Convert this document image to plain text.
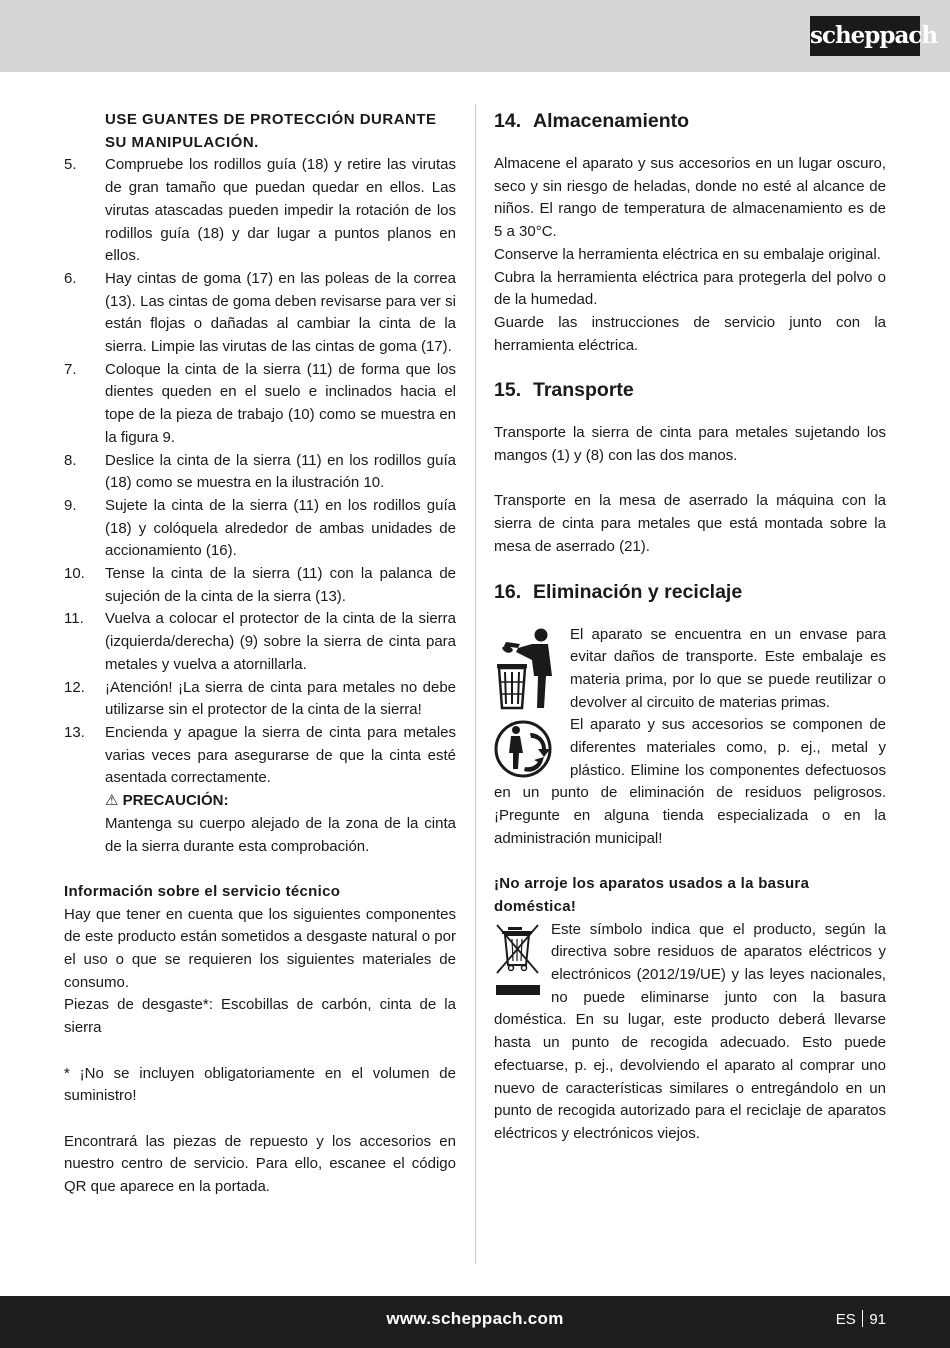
scheppach
USE GUANTES DE PROTECCIÓN DURANTE SU MANIPULACIÓN.
5.	Compruebe los rodillos guía (18) y retire las virutas de gran tamaño que puedan quedar en ellos. Las virutas atascadas pueden impedir la rotación de los rodillos guía (18) y dar lugar a puntos planos en ellos.
6.	Hay cintas de goma (17) en las poleas de la correa (13). Las cintas de goma deben revisarse para ver si están flojas o dañadas al cambiar la cinta de la sierra. Limpie las virutas de las cintas de goma (17).
7.	Coloque la cinta de la sierra (11) de forma que los dientes queden en el suelo e inclinados hacia el tope de la pieza de trabajo (10) como se muestra en la figura 9.
8.	Deslice la cinta de la sierra (11) en los rodillos guía (18) como se muestra en la ilustración 10.
9.	Sujete la cinta de la sierra (11) en los rodillos guía (18) y colóquela alrededor de ambas unidades de accionamiento (16).
10.	Tense la cinta de la sierra (11) con la palanca de sujeción de la cinta de la sierra (13).
11.	Vuelva a colocar el protector de la cinta de la sierra (izquierda/derecha) (9) sobre la sierra de cinta para metales y vuelva a atornillarla.
12.	¡Atención! ¡La sierra de cinta para metales no debe utilizarse sin el protector de la cinta de la sierra!
13.	Encienda y apague la sierra de cinta para metales varias veces para asegurarse de que la cinta esté asentada correctamente.
⚠ PRECAUCIÓN:
Mantenga su cuerpo alejado de la zona de la cinta de la sierra durante esta comprobación.
Información sobre el servicio técnico
Hay que tener en cuenta que los siguientes componentes de este producto están sometidos a desgaste natural o por el uso o que se requieren los siguientes materiales de consumo.
Piezas de desgaste*: Escobillas de carbón, cinta de la sierra
* ¡No se incluyen obligatoriamente en el volumen de suministro!
Encontrará las piezas de repuesto y los accesorios en nuestro centro de servicio. Para ello, escanee el código QR que aparece en la portada.
14. Almacenamiento
Almacene el aparato y sus accesorios en un lugar oscuro, seco y sin riesgo de heladas, donde no esté al alcance de niños. El rango de temperatura de almacenamiento es de 5 a 30°C.
Conserve la herramienta eléctrica en su embalaje original.
Cubra la herramienta eléctrica para protegerla del polvo o de la humedad.
Guarde las instrucciones de servicio junto con la herramienta eléctrica.
15. Transporte
Transporte la sierra de cinta para metales sujetando los mangos (1) y (8) con las dos manos.
Transporte en la mesa de aserrado la máquina con la sierra de cinta para metales que está montada sobre la mesa de aserrado (21).
16. Eliminación y reciclaje
El aparato se encuentra en un envase para evitar daños de transporte. Este embalaje es materia prima, por lo que se puede reutilizar o devolver al circuito de materias primas.
El aparato y sus accesorios se componen de diferentes materiales como, p. ej., metal y plástico. Elimine los componentes defectuosos en un punto de eliminación de residuos peligrosos. ¡Pregunte en alguna tienda especializada o en la administración municipal!
¡No arroje los aparatos usados a la basura doméstica!
Este símbolo indica que el producto, según la directiva sobre residuos de aparatos eléctricos y electrónicos (2012/19/UE) y las leyes nacionales, no puede eliminarse junto con la basura doméstica. En su lugar, este producto deberá llevarse hasta un punto de recogida adecuado. Esto puede efectuarse, p. ej., devolviendo el aparato al comprar uno nuevo de características similares o entregándolo en un punto de recogida autorizado para el reciclaje de aparatos eléctricos y electrónicos viejos.
www.scheppach.com	ES 91
